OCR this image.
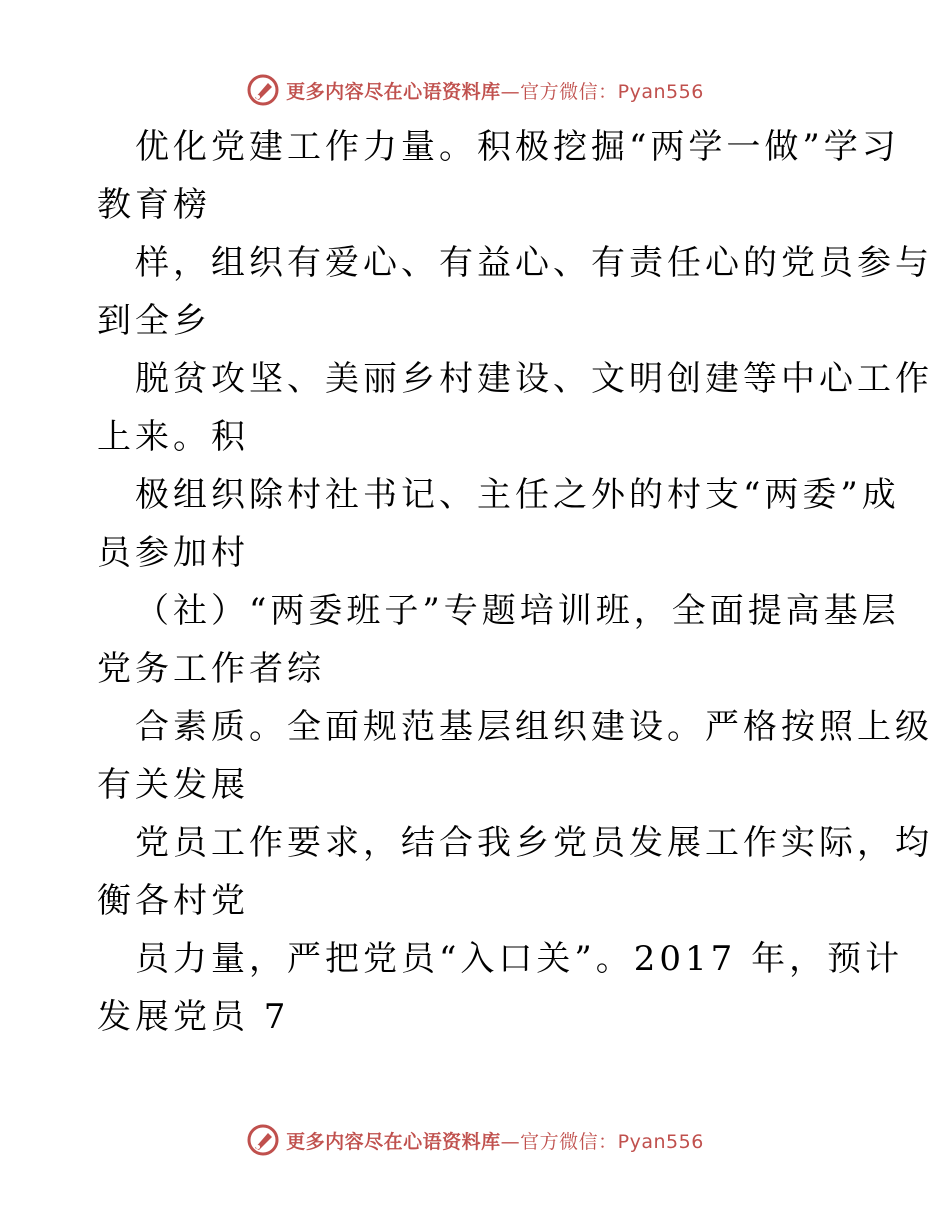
更多内容尽在心语资料库—官方微信：Pyan556
优化党建工作力量。积极挖掘“两学一做”学习
教育榜
样，组织有爱心、有益心、有责任心的党员参与
到全乡
脱贫攻坚、美丽乡村建设、文明创建等中心工作
上来。积
极组织除村社书记、主任之外的村支“两委”成
员参加村
（社）“两委班子”专题培训班，全面提高基层
党务工作者综
合素质。全面规范基层组织建设。严格按照上级
有关发展
党员工作要求，结合我乡党员发展工作实际，均
衡各村党
员力量，严把党员“入口关”。2017 年，预计
发展党员 7
更多内容尽在心语资料库—官方微信：Pyan556
